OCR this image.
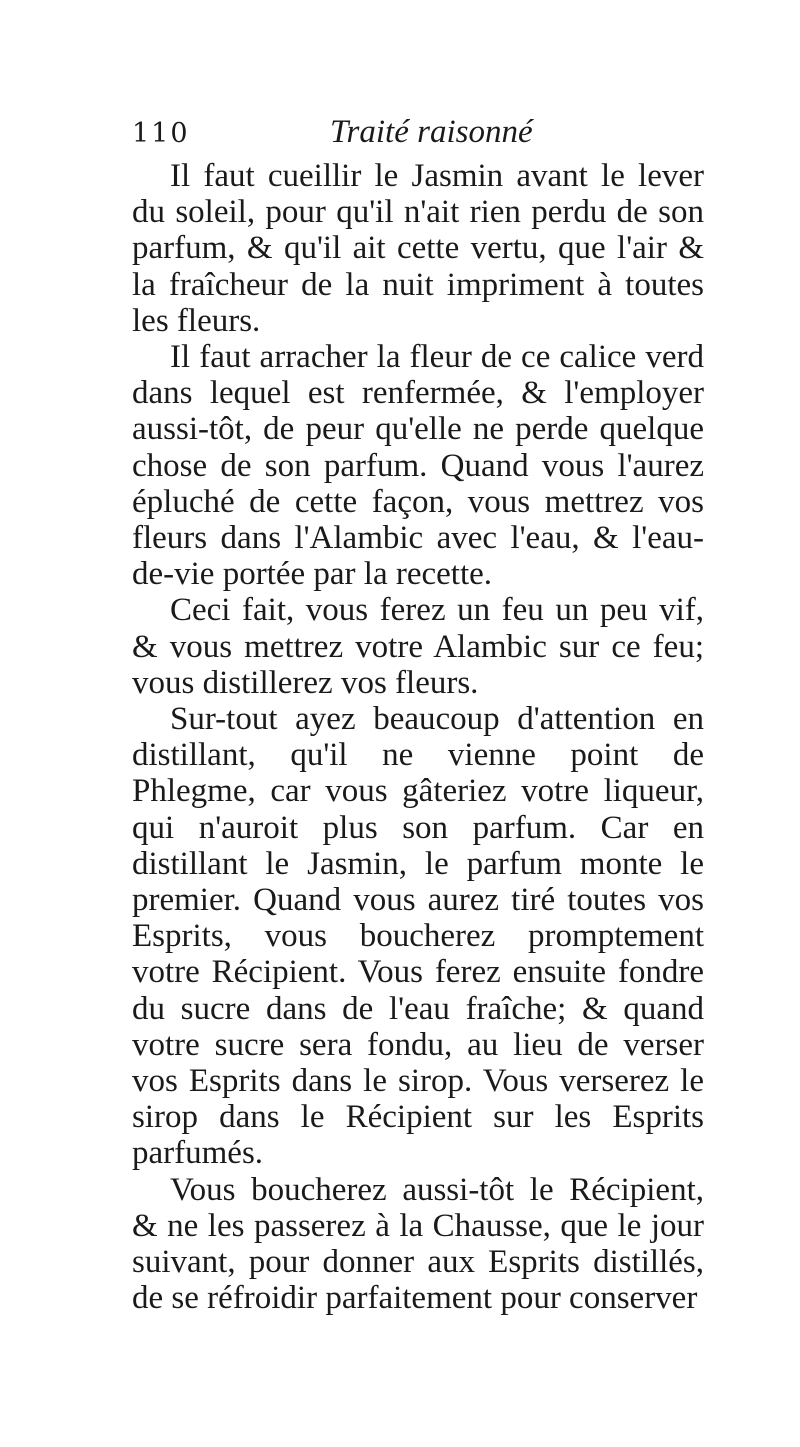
110	Traité raisonné

Il faut cueillir le Jasmin avant le lever du soleil, pour qu'il n'ait rien perdu de son parfum, & qu'il ait cette vertu, que l'air & la fraîcheur de la nuit impriment à toutes les fleurs.

Il faut arracher la fleur de ce calice verd dans lequel est renfermée, & l'employer aussi-tôt, de peur qu'elle ne perde quelque chose de son parfum. Quand vous l'aurez épluché de cette façon, vous mettrez vos fleurs dans l'Alambic avec l'eau, & l'eau-de-vie portée par la recette.

Ceci fait, vous ferez un feu un peu vif, & vous mettrez votre Alambic sur ce feu; vous distillerez vos fleurs.

Sur-tout ayez beaucoup d'attention en distillant, qu'il ne vienne point de Phlegme, car vous gâteriez votre liqueur, qui n'auroit plus son parfum. Car en distillant le Jasmin, le parfum monte le premier. Quand vous aurez tiré toutes vos Esprits, vous boucherez promptement votre Récipient. Vous ferez ensuite fondre du sucre dans de l'eau fraîche; & quand votre sucre sera fondu, au lieu de verser vos Esprits dans le sirop. Vous verserez le sirop dans le Récipient sur les Esprits parfumés.

Vous boucherez aussi-tôt le Récipient, & ne les passerez à la Chausse, que le jour suivant, pour donner aux Esprits distillés, de se réfroidir parfaitement pour conserver
